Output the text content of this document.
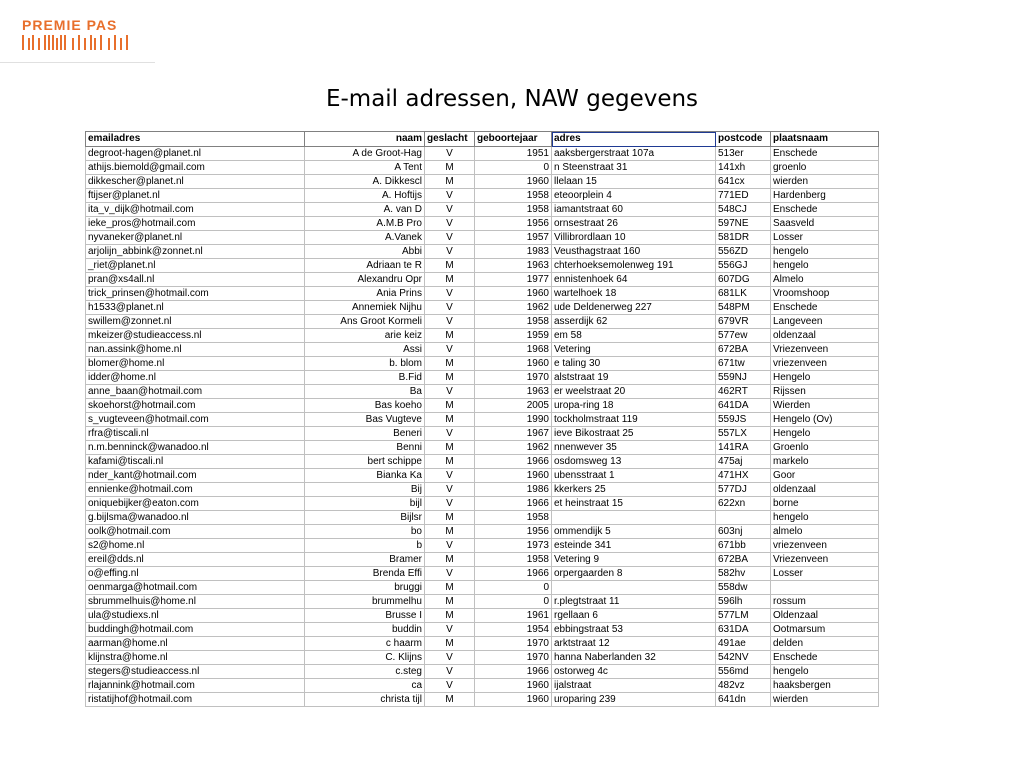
PREMIE PAS
E-mail adressen, NAW gegevens
emailadres	naam	geslacht	geboortejaar	adres	postcode	plaatsnaam
degroot-hagen@planet.nl	A de Groot-Hag	V	1951	aaksbergerstraat 107a	513er	Enschede
athijs.biemold@gmail.com	A Tent	M	0	n Steenstraat 31	141xh	groenlo
dikkescher@planet.nl	A. Dikkescl	M	1960	llelaan 15	641cx	wierden
ftijser@planet.nl	A. Hoftijs	V	1958	eteoorplein 4	771ED	Hardenberg
ita_v_dijk@hotmail.com	A. van D	V	1958	iamantstraat 60	548CJ	Enschede
ieke_pros@hotmail.com	A.M.B Pro	V	1956	ornsestraat 26	597NE	Saasveld
nyvaneker@planet.nl	A.Vanek	V	1957	Villibrordlaan 10	581DR	Losser
arjolijn_abbink@zonnet.nl	Abbi	V	1983	Veusthagstraat 160	556ZD	hengelo
_riet@planet.nl	Adriaan te R	M	1963	chterhoeksemolenweg 191	556GJ	hengelo
pran@xs4all.nl	Alexandru Opr	M	1977	ennistenhoek 64	607DG	Almelo
trick_prinsen@hotmail.com	Ania Prins	V	1960	wartelhoek 18	681LK	Vroomshoop
h1533@planet.nl	Annemiek Nijhu	V	1962	ude Deldenerweg 227	548PM	Enschede
swillem@zonnet.nl	Ans Groot Kormeli	V	1958	asserdijk 62	679VR	Langeveen
mkeizer@studieaccess.nl	arie keiz	M	1959	em 58	577ew	oldenzaal
nan.assink@home.nl	Assi	V	1968	Vetering	672BA	Vriezenveen
blomer@home.nl	b. blom	M	1960	e taling 30	671tw	vriezenveen
idder@home.nl	B.Fid	M	1970	alststraat 19	559NJ	Hengelo
anne_baan@hotmail.com	Ba	V	1963	er weelstraat 20	462RT	Rijssen
skoehorst@hotmail.com	Bas koeho	M	2005	uropa-ring 18	641DA	Wierden
s_vugteveen@hotmail.com	Bas Vugteve	M	1990	tockholmstraat 119	559JS	Hengelo (Ov)
rfra@tiscali.nl	Beneri	V	1967	ieve Bikostraat 25	557LX	Hengelo
n.m.benninck@wanadoo.nl	Benni	M	1962	nnenwever 35	141RA	Groenlo
kafami@tiscali.nl	bert schippe	M	1966	osdomsweg 13	475aj	markelo
nder_kant@hotmail.com	Bianka Ka	V	1960	ubensstraat 1	471HX	Goor
ennienke@hotmail.com	Bij	V	1986	kkerkers 25	577DJ	oldenzaal
oniquebijker@eaton.com	bijl	V	1966	et heinstraat 15	622xn	borne
g.bijlsma@wanadoo.nl	Bijlsr	M	1958			hengelo
oolk@hotmail.com	bo	M	1956	ommendijk 5	603nj	almelo
s2@home.nl	b	V	1973	esteinde 341	671bb	vriezenveen
ereil@dds.nl	Bramer	M	1958	Vetering 9	672BA	Vriezenveen
o@effing.nl	Brenda Effi	V	1966	orpergaarden 8	582hv	Losser
oenmarga@hotmail.com	bruggi	M	0		558dw	
sbrummelhuis@home.nl	brummelhu	M	0	r.plegtstraat 11	596lh	rossum
ula@studiexs.nl	Brusse I	M	1961	rgellaan 6	577LM	Oldenzaal
buddingh@hotmail.com	buddin	V	1954	ebbingstraat 53	631DA	Ootmarsum
aarman@home.nl	c haarm	M	1970	arktstraat 12	491ae	delden
klijnstra@home.nl	C. Klijns	V	1970	hanna Naberlanden 32	542NV	Enschede
stegers@studieaccess.nl	c.steg	V	1966	ostorweg 4c	556md	hengelo
rlajannink@hotmail.com	ca	V	1960	ijalstraat	482vz	haaksbergen
ristatijhof@hotmail.com	christa tijl	M	1960	uroparing 239	641dn	wierden
